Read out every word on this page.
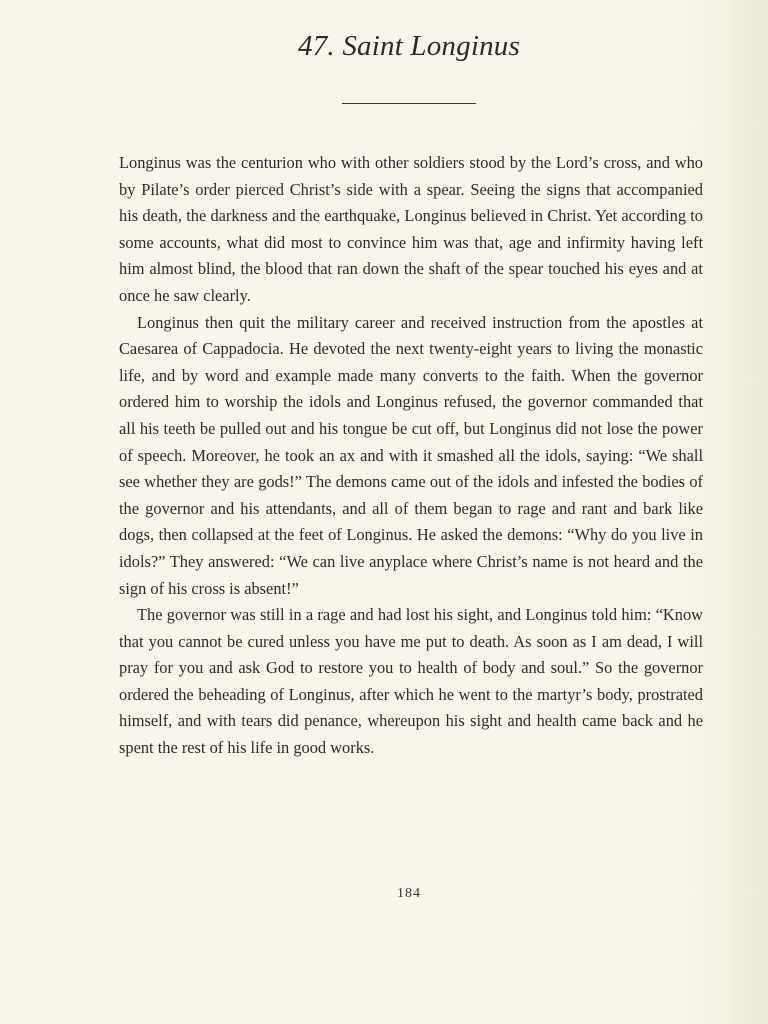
47. Saint Longinus

Longinus was the centurion who with other soldiers stood by the Lord’s cross, and who by Pilate’s order pierced Christ’s side with a spear. Seeing the signs that accompanied his death, the darkness and the earthquake, Longinus believed in Christ. Yet according to some accounts, what did most to convince him was that, age and infirmity having left him almost blind, the blood that ran down the shaft of the spear touched his eyes and at once he saw clearly.

Longinus then quit the military career and received instruction from the apostles at Caesarea of Cappadocia. He devoted the next twenty-eight years to living the monastic life, and by word and example made many converts to the faith. When the governor ordered him to worship the idols and Longinus refused, the governor commanded that all his teeth be pulled out and his tongue be cut off, but Longinus did not lose the power of speech. Moreover, he took an ax and with it smashed all the idols, saying: “We shall see whether they are gods!” The demons came out of the idols and infested the bodies of the governor and his attendants, and all of them began to rage and rant and bark like dogs, then collapsed at the feet of Longinus. He asked the demons: “Why do you live in idols?” They answered: “We can live anyplace where Christ’s name is not heard and the sign of his cross is absent!”

The governor was still in a rage and had lost his sight, and Longinus told him: “Know that you cannot be cured unless you have me put to death. As soon as I am dead, I will pray for you and ask God to restore you to health of body and soul.” So the governor ordered the beheading of Longinus, after which he went to the martyr’s body, prostrated himself, and with tears did penance, whereupon his sight and health came back and he spent the rest of his life in good works.

184
